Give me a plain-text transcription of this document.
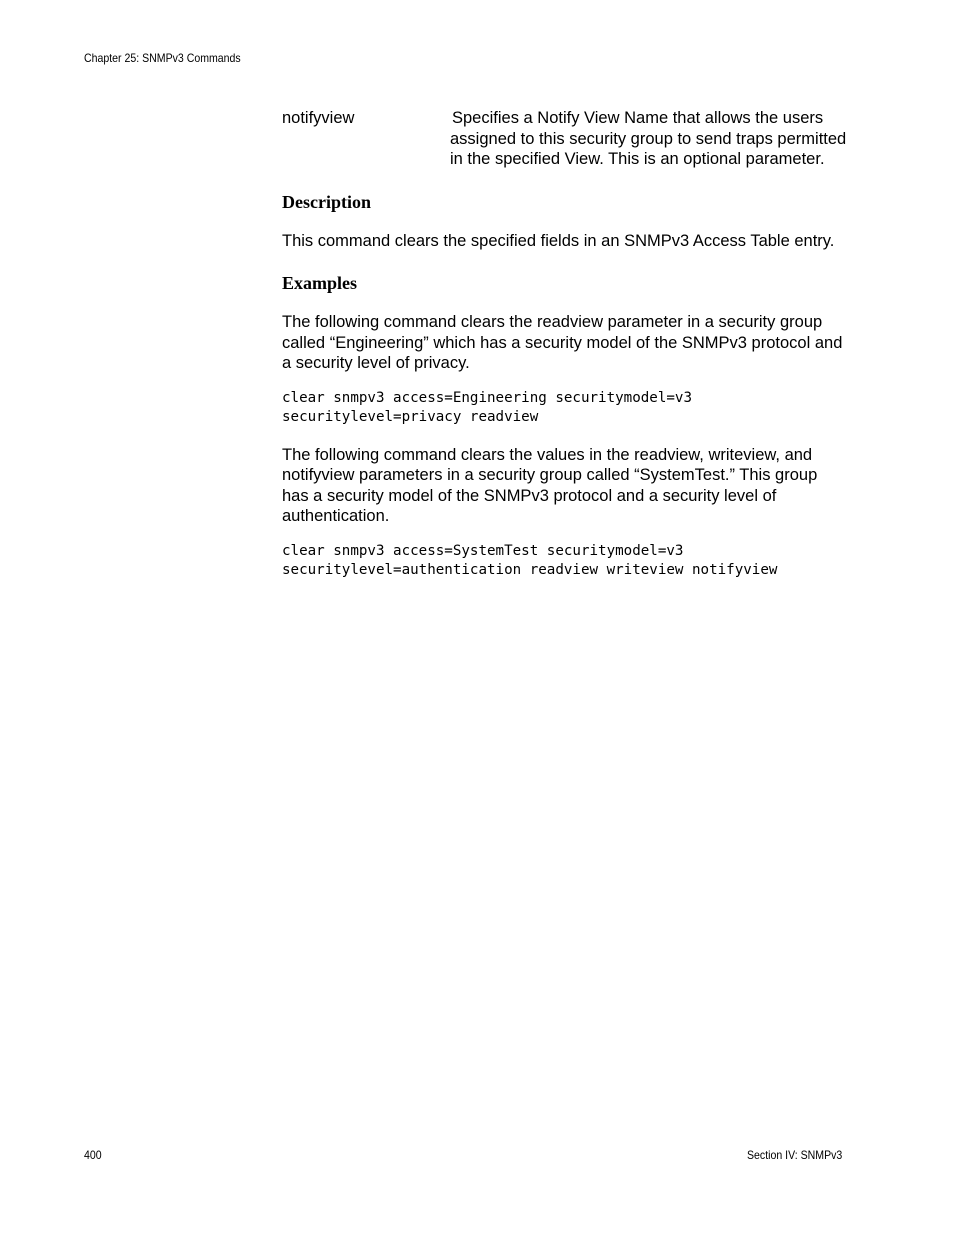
Chapter 25: SNMPv3 Commands
notifyview	Specifies a Notify View Name that allows the users assigned to this security group to send traps permitted in the specified View. This is an optional parameter.
Description

This command clears the specified fields in an SNMPv3 Access Table entry.

Examples

The following command clears the readview parameter in a security group called “Engineering” which has a security model of the SNMPv3 protocol and a security level of privacy.

clear snmpv3 access=Engineering securitymodel=v3
securitylevel=privacy readview

The following command clears the values in the readview, writeview, and notifyview parameters in a security group called “SystemTest.” This group has a security model of the SNMPv3 protocol and a security level of authentication.

clear snmpv3 access=SystemTest securitymodel=v3
securitylevel=authentication readview writeview notifyview
400	Section IV: SNMPv3
